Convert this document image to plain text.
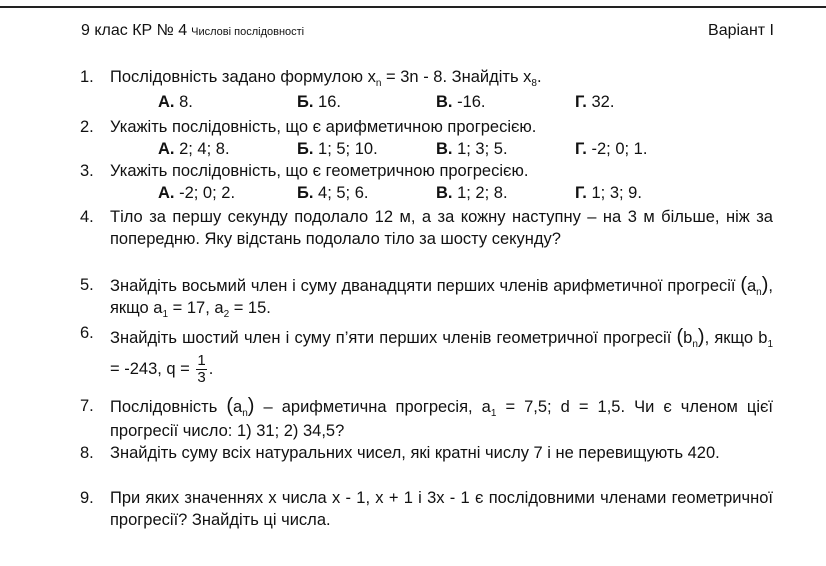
9 клас КР № 4 Числові послідовності	Варіант І
1. Послідовність задано формулою $x_n = 3n - 8$. Знайдіть $x_8$.
А. 8.	Б. 16.	В. -16.	Г. 32.
2. Укажіть послідовність, що є арифметичною прогресією.
А. 2; 4; 8.	Б. 1; 5; 10.	В. 1; 3; 5.	Г. -2; 0; 1.
3. Укажіть послідовність, що є геометричною прогресією.
А. -2; 0; 2.	Б. 4; 5; 6.	В. 1; 2; 8.	Г. 1; 3; 9.
4. Тіло за першу секунду подолало 12 м, а за кожну наступну – на 3 м більше, ніж за попередню. Яку відстань подолало тіло за шосту секунду?
5. Знайдіть восьмий член і суму дванадцяти перших членів арифметичної прогресії $(a_n)$, якщо $a_1 = 17$, $a_2 = 15$.
6. Знайдіть шостий член і суму п’яти перших членів геометричної прогресії $(b_n)$, якщо $b_1 = -243$, $q = \frac{1}{3}$ .
7. Послідовність $(a_n)$ – арифметична прогресія, $a_1 = 7,5$; d = 1,5. Чи є членом цієї прогресії число: 1) 31; 2) 34,5?
8. Знайдіть суму всіх натуральних чисел, які кратні числу 7 і не перевищують 420.
9. При яких значеннях x числа x - 1, x + 1 і 3x - 1 є послідовними членами геометричної прогресії? Знайдіть ці числа.
